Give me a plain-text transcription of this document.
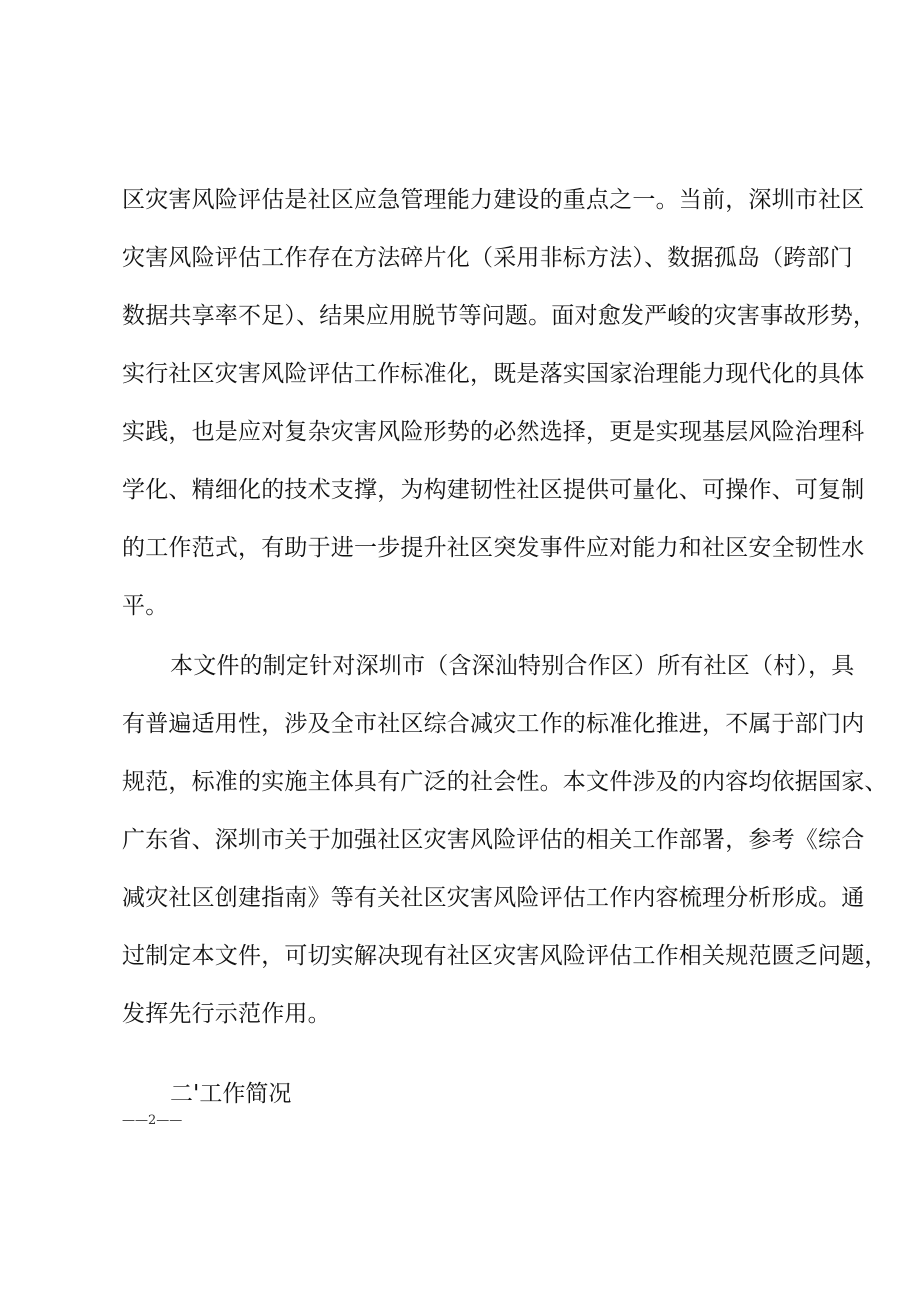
区灾害风险评估是社区应急管理能力建设的重点之一。当前，深圳市社区
灾害风险评估工作存在方法碎片化（采用非标方法）、数据孤岛（跨部门
数据共享率不足）、结果应用脱节等问题。面对愈发严峻的灾害事故形势，
实行社区灾害风险评估工作标准化，既是落实国家治理能力现代化的具体
实践，也是应对复杂灾害风险形势的必然选择，更是实现基层风险治理科
学化、精细化的技术支撑，为构建韧性社区提供可量化、可操作、可复制
的工作范式，有助于进一步提升社区突发事件应对能力和社区安全韧性水
平。
本文件的制定针对深圳市（含深汕特别合作区）所有社区（村），具
有普遍适用性，涉及全市社区综合减灾工作的标准化推进，不属于部门内
规范，标准的实施主体具有广泛的社会性。本文件涉及的内容均依据国家、
广东省、深圳市关于加强社区灾害风险评估的相关工作部署，参考《综合
减灾社区创建指南》等有关社区灾害风险评估工作内容梳理分析形成。通
过制定本文件，可切实解决现有社区灾害风险评估工作相关规范匮乏问题，
发挥先行示范作用。
二'工作简况
——2——
